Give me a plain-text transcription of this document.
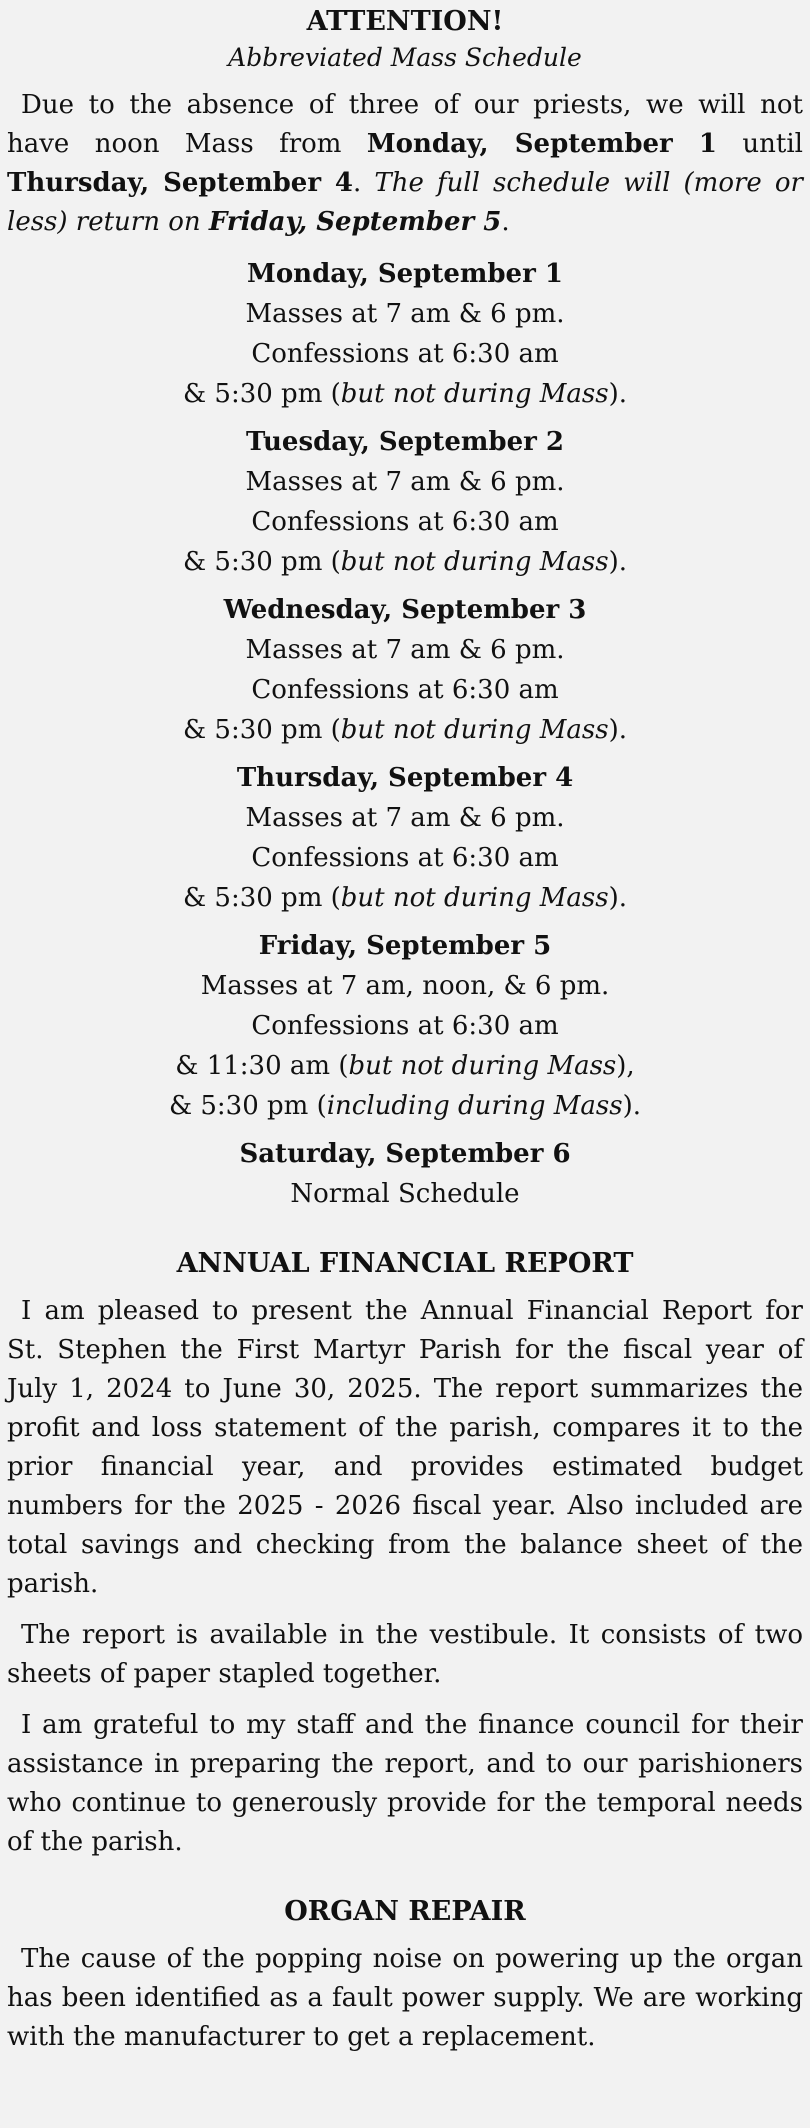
ATTENTION!
Abbreviated Mass Schedule

Due to the absence of three of our priests, we will not have noon Mass from Monday, September 1 until Thursday, September 4. The full schedule will (more or less) return on Friday, September 5.

Monday, September 1
Masses at 7 am & 6 pm.
Confessions at 6:30 am
& 5:30 pm (but not during Mass).
Tuesday, September 2
Masses at 7 am & 6 pm.
Confessions at 6:30 am
& 5:30 pm (but not during Mass).
Wednesday, September 3
Masses at 7 am & 6 pm.
Confessions at 6:30 am
& 5:30 pm (but not during Mass).
Thursday, September 4
Masses at 7 am & 6 pm.
Confessions at 6:30 am
& 5:30 pm (but not during Mass).
Friday, September 5
Masses at 7 am, noon, & 6 pm.
Confessions at 6:30 am
& 11:30 am (but not during Mass),
& 5:30 pm (including during Mass).
Saturday, September 6
Normal Schedule
ANNUAL FINANCIAL REPORT

I am pleased to present the Annual Financial Report for St. Stephen the First Martyr Parish for the fiscal year of July 1, 2024 to June 30, 2025. The report summarizes the profit and loss statement of the parish, compares it to the prior financial year, and provides estimated budget numbers for the 2025 - 2026 fiscal year. Also included are total savings and checking from the balance sheet of the parish.

The report is available in the vestibule. It consists of two sheets of paper stapled together.

I am grateful to my staff and the finance council for their assistance in preparing the report, and to our parishioners who continue to generously provide for the temporal needs of the parish.

ORGAN REPAIR

The cause of the popping noise on powering up the organ has been identified as a fault power supply. We are working with the manufacturer to get a replacement.
